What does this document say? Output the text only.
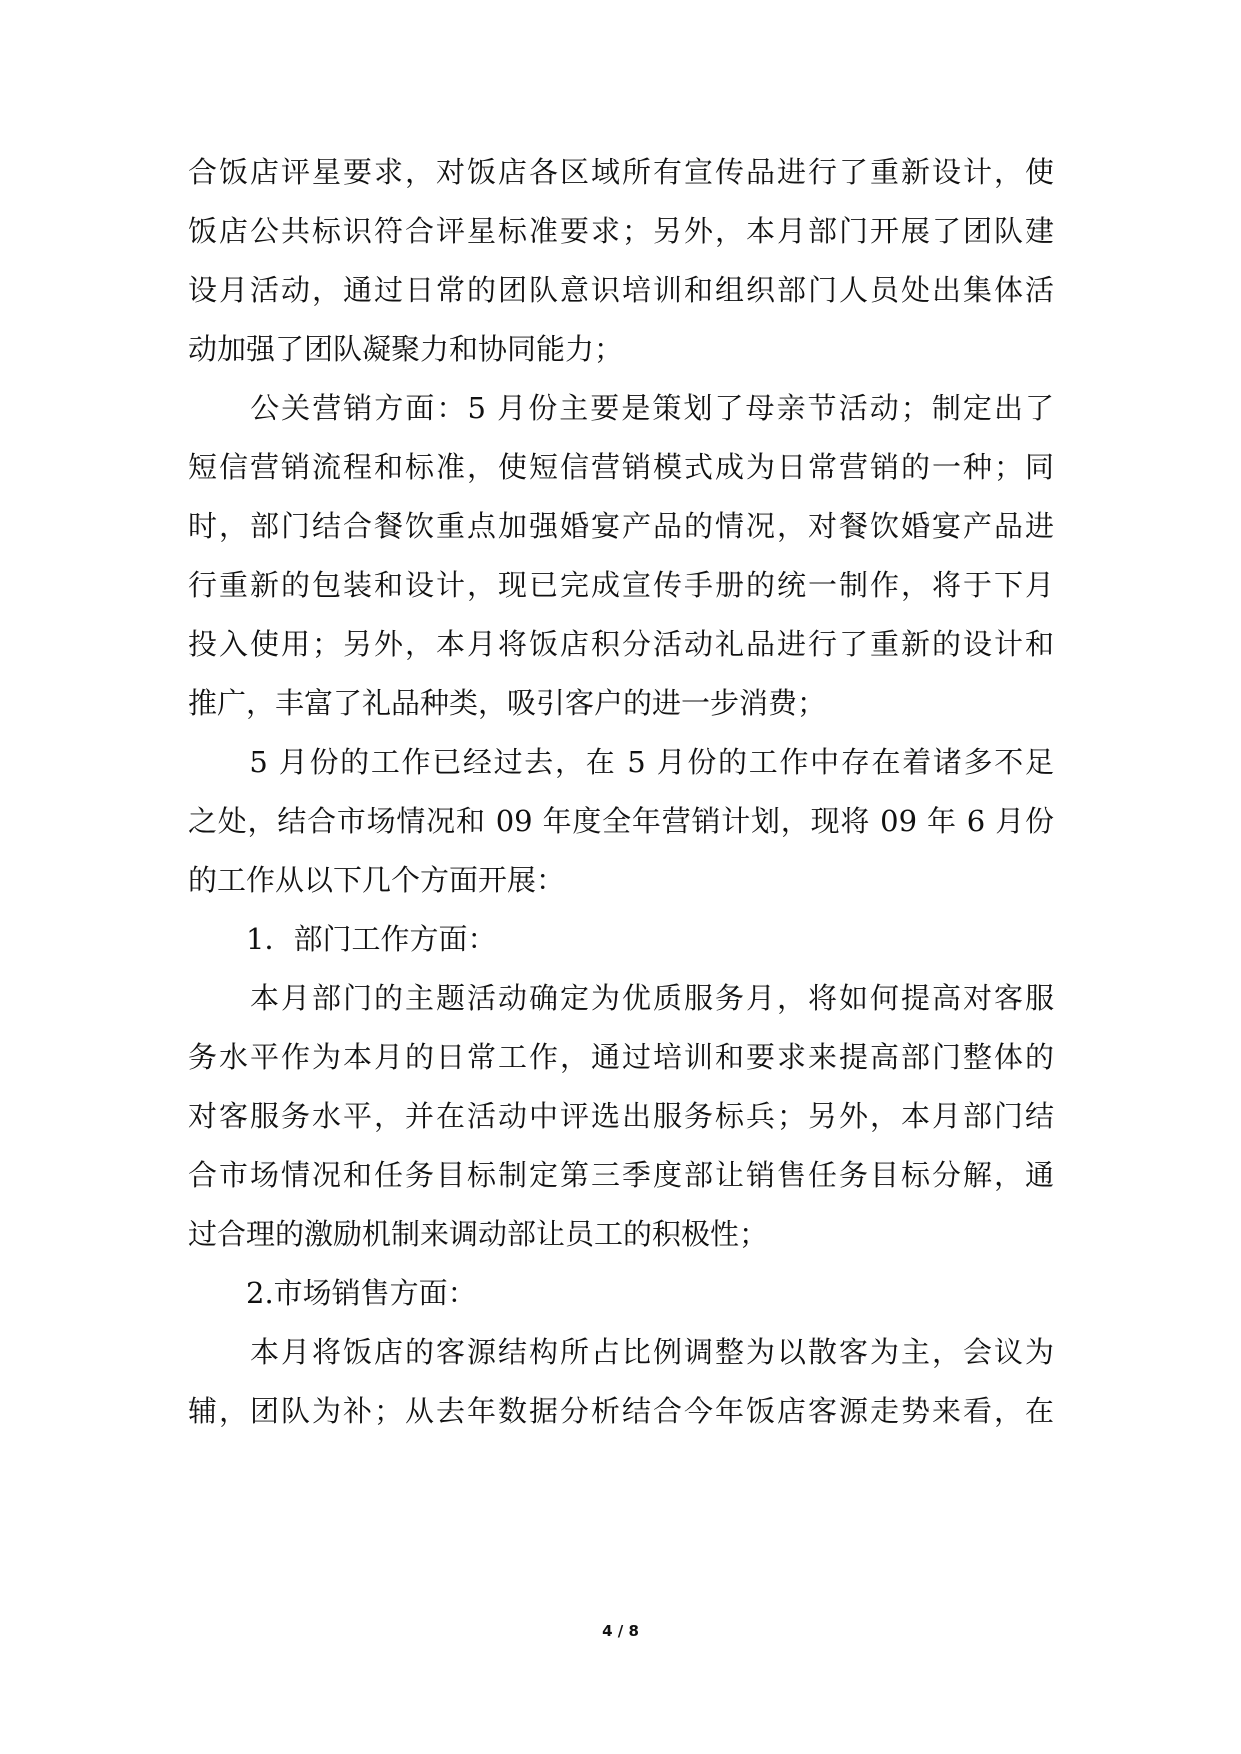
合饭店评星要求，对饭店各区域所有宣传品进行了重新设计，使
饭店公共标识符合评星标准要求；另外，本月部门开展了团队建
设月活动，通过日常的团队意识培训和组织部门人员处出集体活
动加强了团队凝聚力和协同能力；
　　公关营销方面：5 月份主要是策划了母亲节活动；制定出了
短信营销流程和标准，使短信营销模式成为日常营销的一种；同
时，部门结合餐饮重点加强婚宴产品的情况，对餐饮婚宴产品进
行重新的包装和设计，现已完成宣传手册的统一制作，将于下月
投入使用；另外，本月将饭店积分活动礼品进行了重新的设计和
推广，丰富了礼品种类，吸引客户的进一步消费；
　　5 月份的工作已经过去，在 5 月份的工作中存在着诸多不足
之处，结合市场情况和 09 年度全年营销计划，现将 09 年 6 月份
的工作从以下几个方面开展：
　　1．部门工作方面：
　　本月部门的主题活动确定为优质服务月，将如何提高对客服
务水平作为本月的日常工作，通过培训和要求来提高部门整体的
对客服务水平，并在活动中评选出服务标兵；另外，本月部门结
合市场情况和任务目标制定第三季度部让销售任务目标分解，通
过合理的激励机制来调动部让员工的积极性；
　　2.市场销售方面：
　　本月将饭店的客源结构所占比例调整为以散客为主，会议为
辅，团队为补；从去年数据分析结合今年饭店客源走势来看，在
4 / 8
